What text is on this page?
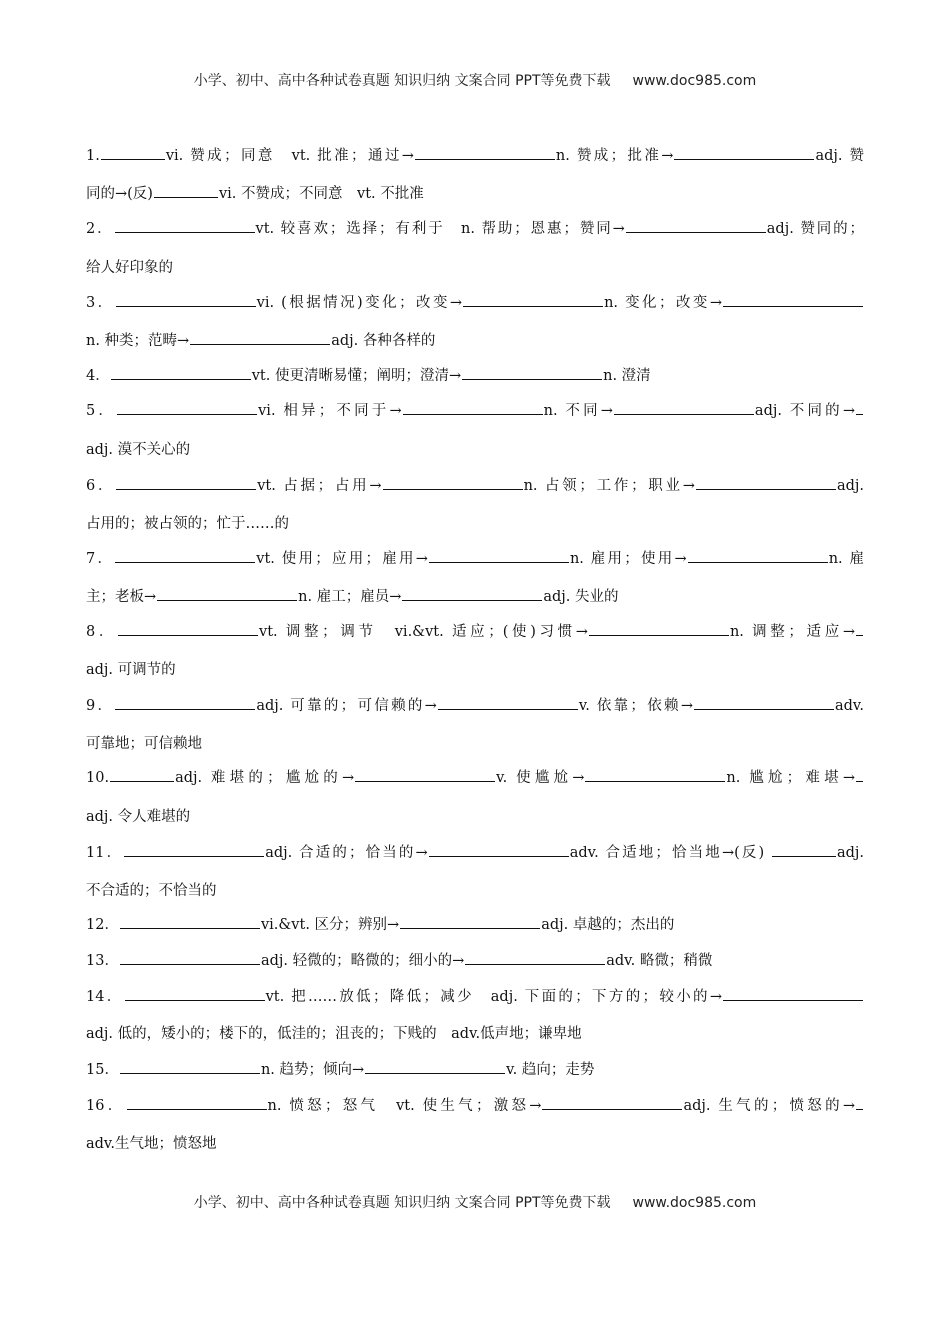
小学、初中、高中各种试卷真题 知识归纳 文案合同 PPT等免费下载 www.doc985.com
1.	vi. 赞成；同意　vt. 批准；通过→	n. 赞成；批准→	adj. 赞
同的→(反)	vi. 不赞成；不同意　vt. 不批准
2．	vt. 较喜欢；选择；有利于　n. 帮助；恩惠；赞同→	adj. 赞同的；
给人好印象的
3．	vi. (根据情况)变化；改变→	n. 变化；改变→
n. 种类；范畴→	adj. 各种各样的
4．	vt. 使更清晰易懂；阐明；澄清→	n. 澄清
5．	vi. 相异；不同于→	n. 不同→	adj. 不同的→
adj. 漠不关心的
6．	vt. 占据；占用→	n. 占领；工作；职业→	adj.
占用的；被占领的；忙于……的
7．	vt. 使用；应用；雇用→	n. 雇用；使用→	n. 雇
主；老板→	n. 雇工；雇员→	adj. 失业的
8．	vt. 调整；调节　vi.&vt. 适应；(使)习惯→	n. 调整；适应→
adj. 可调节的
9．	adj. 可靠的；可信赖的→	v. 依靠；依赖→	adv.
可靠地；可信赖地
10.	adj. 难堪的；尴尬的→	v. 使尴尬→	n. 尴尬；难堪→
adj. 令人难堪的
11．	adj. 合适的；恰当的→	adv. 合适地；恰当地→(反)	adj.
不合适的；不恰当的
12．	vi.&vt. 区分；辨别→	adj. 卓越的；杰出的
13．	adj. 轻微的；略微的；细小的→	adv. 略微；稍微
14．	vt. 把……放低；降低；减少　adj. 下面的；下方的；较小的→
adj. 低的，矮小的；楼下的，低洼的；沮丧的；下贱的　adv.低声地；谦卑地
15．	n. 趋势；倾向→	v. 趋向；走势
16．	n. 愤怒；怒气　vt. 使生气；激怒→	adj. 生气的；愤怒的→
adv.生气地；愤怒地
小学、初中、高中各种试卷真题 知识归纳 文案合同 PPT等免费下载 www.doc985.com
